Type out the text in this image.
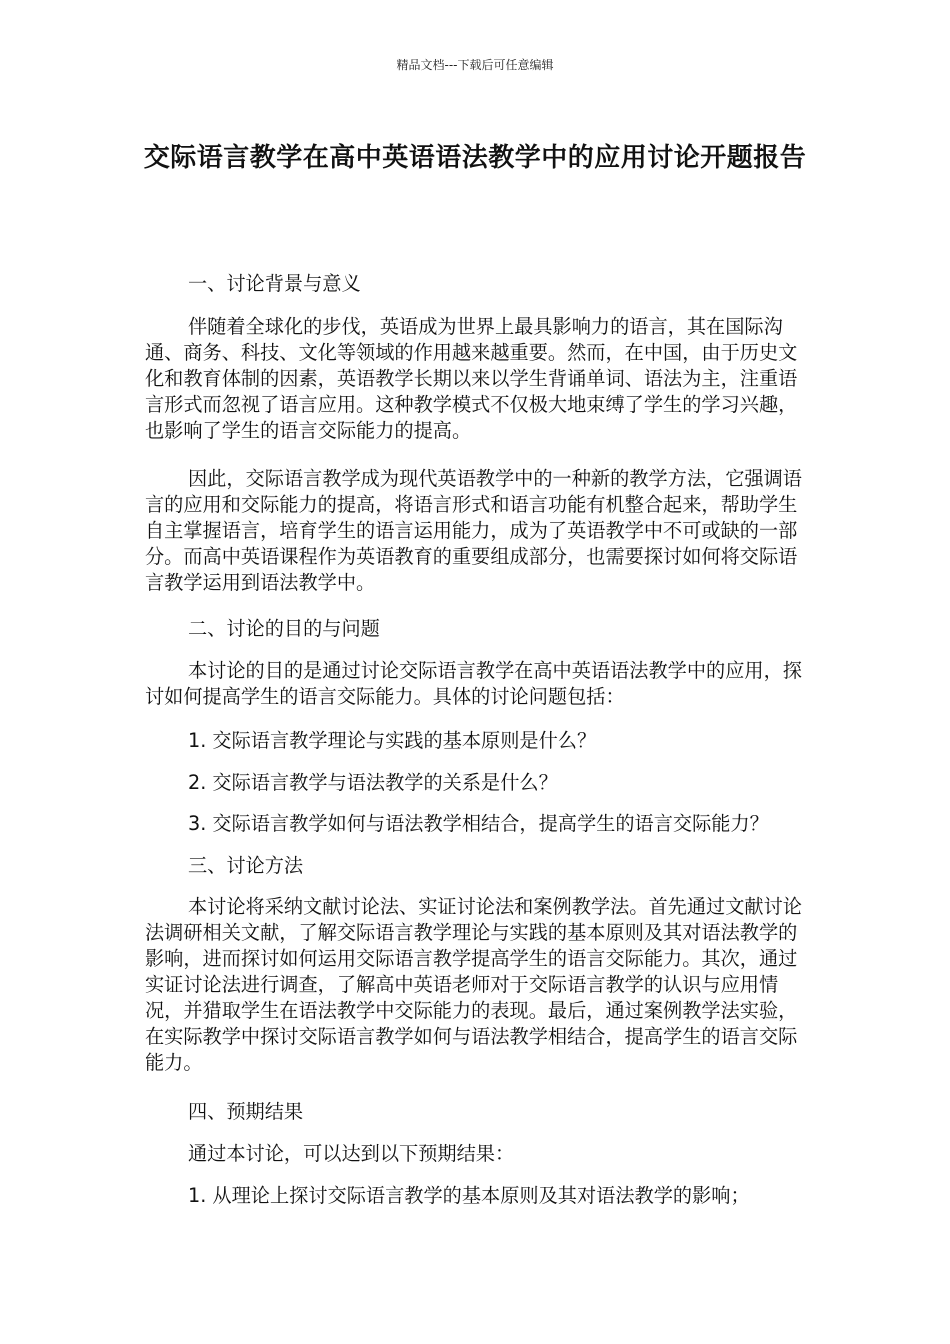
精品文档---下载后可任意编辑
交际语言教学在高中英语语法教学中的应用讨论开题报告
一、讨论背景与意义
伴随着全球化的步伐，英语成为世界上最具影响力的语言，其在国际沟通、商务、科技、文化等领域的作用越来越重要。然而，在中国，由于历史文化和教育体制的因素，英语教学长期以来以学生背诵单词、语法为主，注重语言形式而忽视了语言应用。这种教学模式不仅极大地束缚了学生的学习兴趣，也影响了学生的语言交际能力的提高。
因此，交际语言教学成为现代英语教学中的一种新的教学方法，它强调语言的应用和交际能力的提高，将语言形式和语言功能有机整合起来，帮助学生自主掌握语言，培育学生的语言运用能力，成为了英语教学中不可或缺的一部分。而高中英语课程作为英语教育的重要组成部分，也需要探讨如何将交际语言教学运用到语法教学中。
二、讨论的目的与问题
本讨论的目的是通过讨论交际语言教学在高中英语语法教学中的应用，探讨如何提高学生的语言交际能力。具体的讨论问题包括：
1. 交际语言教学理论与实践的基本原则是什么？
2. 交际语言教学与语法教学的关系是什么？
3. 交际语言教学如何与语法教学相结合，提高学生的语言交际能力？
三、讨论方法
本讨论将采纳文献讨论法、实证讨论法和案例教学法。首先通过文献讨论法调研相关文献，了解交际语言教学理论与实践的基本原则及其对语法教学的影响，进而探讨如何运用交际语言教学提高学生的语言交际能力。其次，通过实证讨论法进行调查，了解高中英语老师对于交际语言教学的认识与应用情况，并猎取学生在语法教学中交际能力的表现。最后，通过案例教学法实验，在实际教学中探讨交际语言教学如何与语法教学相结合，提高学生的语言交际能力。
四、预期结果
通过本讨论，可以达到以下预期结果：
1. 从理论上探讨交际语言教学的基本原则及其对语法教学的影响；
